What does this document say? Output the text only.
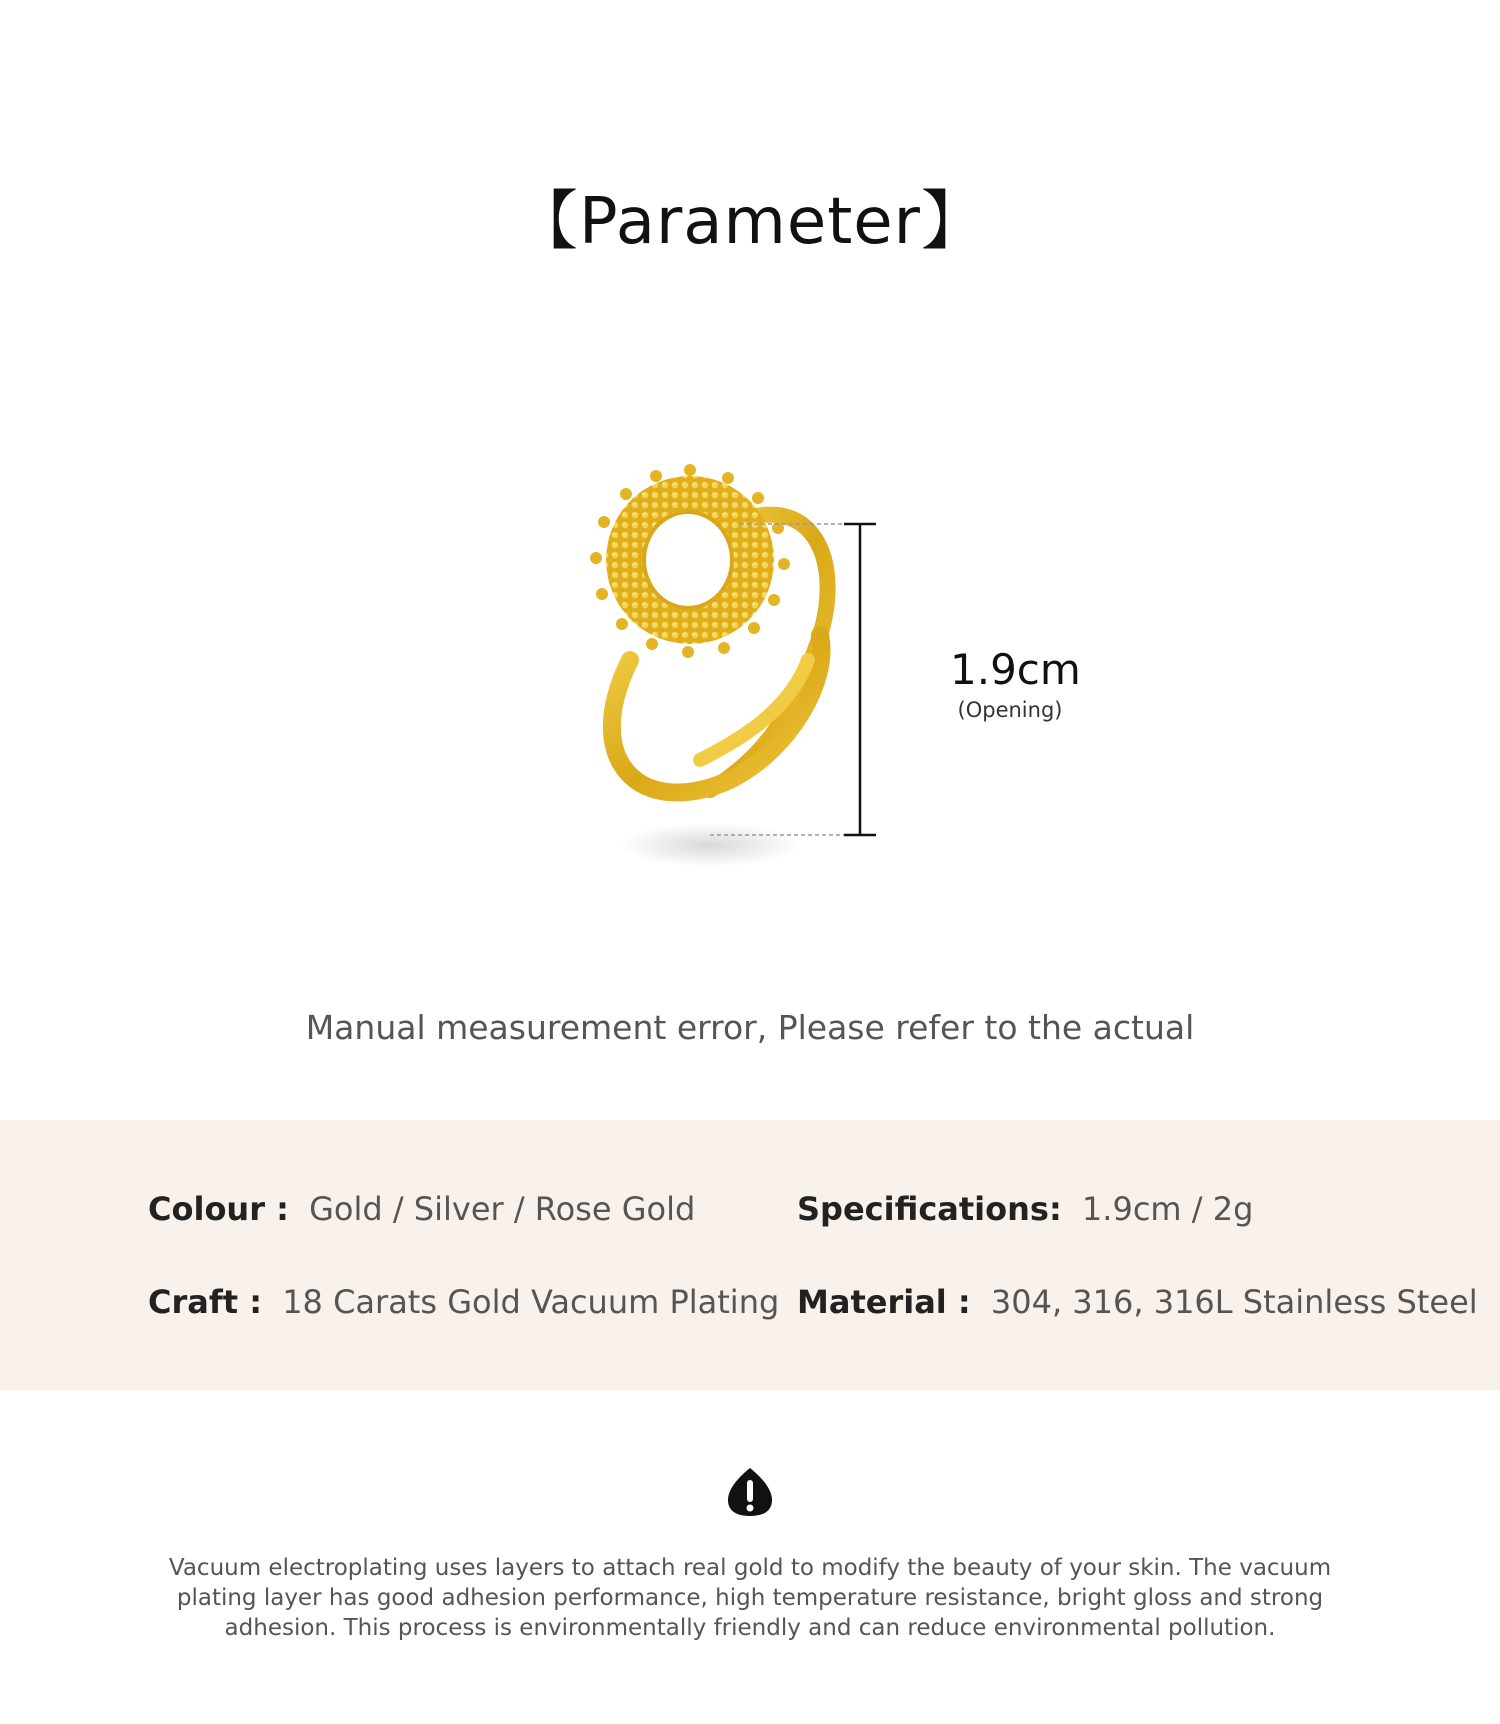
【Parameter】
1.9cm
(Opening)

Manual measurement error, Please refer to the actual

Colour : Gold / Silver / Rose Gold	Specifications: 1.9cm / 2g
Craft : 18 Carats Gold Vacuum Plating Material : 304, 316, 316L Stainless Steel

Vacuum electroplating uses layers to attach real gold to modify the beauty of your skin. The vacuum plating layer has good adhesion performance, high temperature resistance, bright gloss and strong adhesion. This process is environmentally friendly and can reduce environmental pollution.
